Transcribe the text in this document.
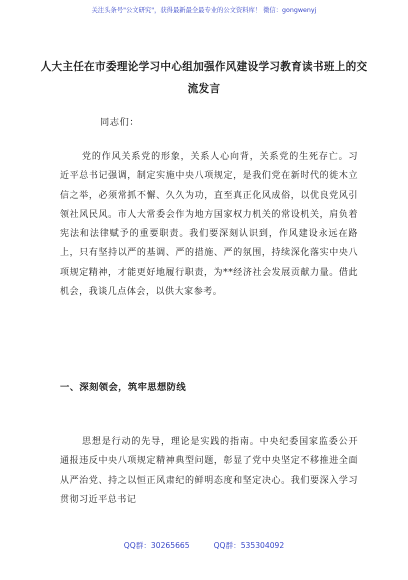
关注头条号"公文研究"，获得最新最全最专业的公文资料库！ 微信：gongwenyj
人大主任在市委理论学习中心组加强作风建设学习教育读书班上的交流发言
同志们：
党的作风关系党的形象，关系人心向背，关系党的生死存亡。习近平总书记强调，制定实施中央八项规定，是我们党在新时代的徙木立信之举，必须常抓不懈、久久为功，直至真正化风成俗，以优良党风引领社风民风。市人大常委会作为地方国家权力机关的常设机关，肩负着宪法和法律赋予的重要职责。我们要深刻认识到，作风建设永远在路上，只有坚持以严的基调、严的措施、严的氛围，持续深化落实中央八项规定精神，才能更好地履行职责，为**经济社会发展贡献力量。借此机会，我谈几点体会，以供大家参考。
一、深刻领会，筑牢思想防线
思想是行动的先导，理论是实践的指南。中央纪委国家监委公开通报违反中央八项规定精神典型问题，彰显了党中央坚定不移推进全面从严治党、持之以恒正风肃纪的鲜明态度和坚定决心。我们要深入学习贯彻习近平总书记
QQ群：30265665	QQ群：535304092
